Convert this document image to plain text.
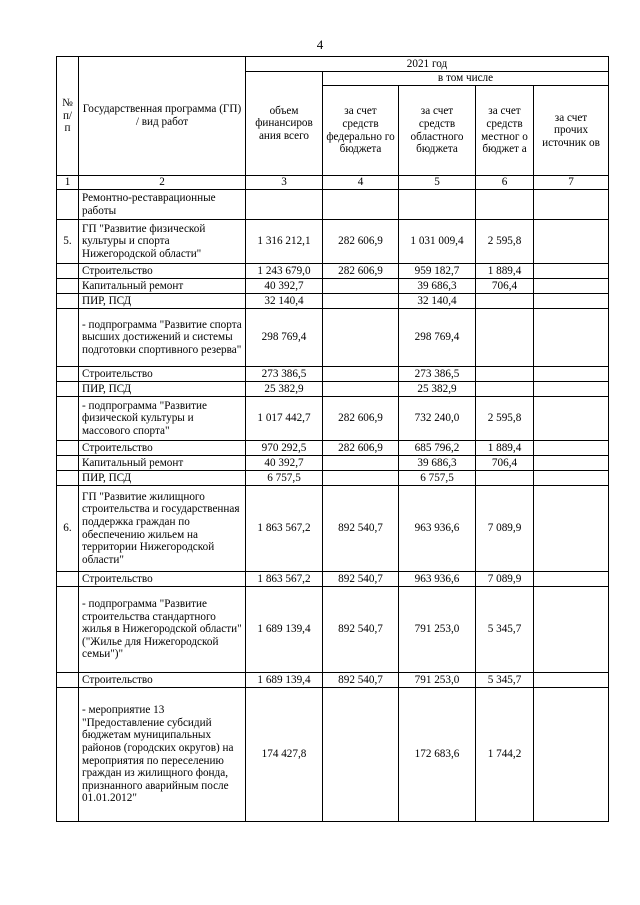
4
№ п/п	Государственная программа (ГП) / вид работ	2021 год				
		объем финансиров ания всего	в том числе			
			за счет средств федерально го бюджета	за счет средств областного бюджета	за счет средств местног о бюджет а	за счет прочих источник ов
1	2	3	4	5	6	7
	Ремонтно-реставрационные работы					
5.	ГП "Развитие физической культуры и спорта Нижегородской области"	1 316 212,1	282 606,9	1 031 009,4	2 595,8	
	Строительство	1 243 679,0	282 606,9	959 182,7	1 889,4	
	Капитальный ремонт	40 392,7		39 686,3	706,4	
	ПИР, ПСД	32 140,4		32 140,4		
	- подпрограмма "Развитие спорта высших достижений и системы подготовки спортивного резерва"	298 769,4		298 769,4		
	Строительство	273 386,5		273 386,5		
	ПИР, ПСД	25 382,9		25 382,9		
	- подпрограмма "Развитие физической культуры и массового спорта"	1 017 442,7	282 606,9	732 240,0	2 595,8	
	Строительство	970 292,5	282 606,9	685 796,2	1 889,4	
	Капитальный ремонт	40 392,7		39 686,3	706,4	
	ПИР, ПСД	6 757,5		6 757,5		
6.	ГП "Развитие жилищного строительства и государственная поддержка граждан по обеспечению жильем на территории Нижегородской области"	1 863 567,2	892 540,7	963 936,6	7 089,9	
	Строительство	1 863 567,2	892 540,7	963 936,6	7 089,9	
	- подпрограмма "Развитие строительства стандартного жилья в Нижегородской области" ("Жилье для Нижегородской семьи")"	1 689 139,4	892 540,7	791 253,0	5 345,7	
	Строительство	1 689 139,4	892 540,7	791 253,0	5 345,7	
	- мероприятие 13 "Предоставление субсидий бюджетам муниципальных районов (городских округов) на мероприятия по переселению граждан из жилищного фонда, признанного аварийным после 01.01.2012"	174 427,8		172 683,6	1 744,2	
